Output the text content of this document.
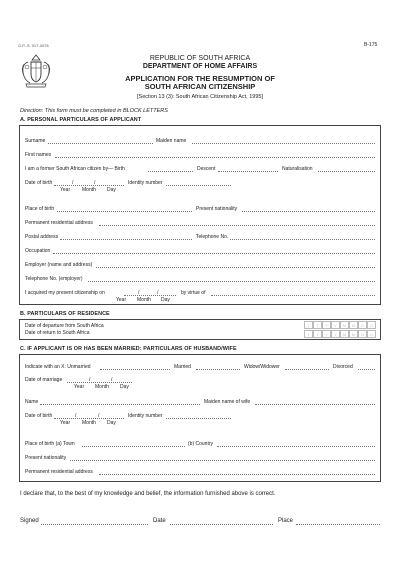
G.P.-S. 017-0078	B-175
REPUBLIC OF SOUTH AFRICA
DEPARTMENT OF HOME AFFAIRS
APPLICATION FOR THE RESUMPTION OF
SOUTH AFRICAN CITIZENSHIP
[Section 13 (3): South African Citizenship Act, 1995]
Direction: This form must be completed in BLOCK LETTERS
A. PERSONAL PARTICULARS OF APPLICANT
Surname	Maiden name
First names
I am a former South African citizen by— Birth	Descent	Naturalisation
Date of birth	/	/	Identity number
Year Month Day
Place of birth	Present nationality
Permanent residential address
Postal address	Telephone No.
Occupation
Employer (name and address)
Telephone No. (employer)
I acquired my present citizenship on	/	/	by virtue of
Year Month Day
B. PARTICULARS OF RESIDENCE
Date of departure from South Africa
Date of return to South Africa
Y	Y	Y	Y	M	M	D	D
Y	Y	Y	Y	M	M	D	D
C. IF APPLICANT IS OR HAS BEEN MARRIED: PARTICULARS OF HUSBAND/WIFE
Indicate with an X: Unmarried	Married	Widow/Widower	Divorced
Date of marriage	/	/
Year Month Day
Name	Maiden name of wife
Date of birth	/	/	Identity number
Year Month Day
Place of birth (a) Town	(b) Country
Present nationality
Permanent residential address
I declare that, to the best of my knowledge and belief, the information furnished above is correct.
Signed	Date	Place
